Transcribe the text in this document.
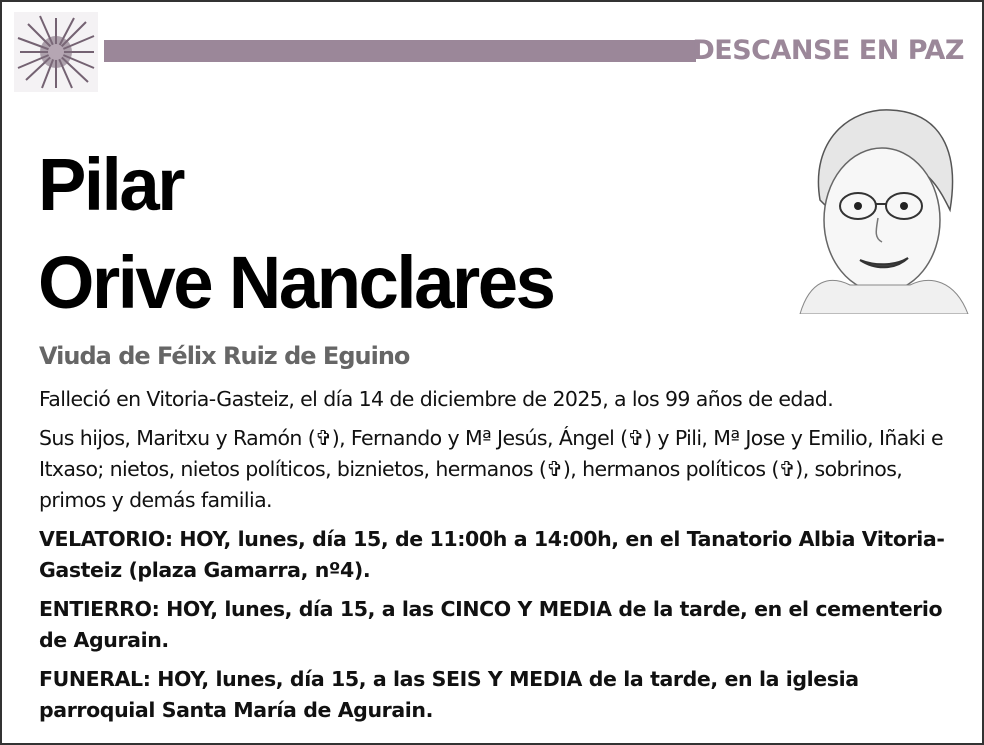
DESCANSE EN PAZ
Pilar
Orive Nanclares
Viuda de Félix Ruiz de Eguino

Falleció en Vitoria-Gasteiz, el día 14 de diciembre de 2025, a los 99 años de edad.

Sus hijos, Maritxu y Ramón (✞), Fernando y Mª Jesús, Ángel (✞) y Pili, Mª Jose y Emilio, Iñaki e Itxaso; nietos, nietos políticos, biznietos, hermanos (✞), hermanos políticos (✞), sobrinos, primos y demás familia.

VELATORIO: HOY, lunes, día 15, de 11:00h a 14:00h, en el Tanatorio Albia Vitoria-Gasteiz (plaza Gamarra, nº4).

ENTIERRO: HOY, lunes, día 15, a las CINCO Y MEDIA de la tarde, en el cementerio de Agurain.

FUNERAL: HOY, lunes, día 15, a las SEIS Y MEDIA de la tarde, en la iglesia parroquial Santa María de Agurain.
